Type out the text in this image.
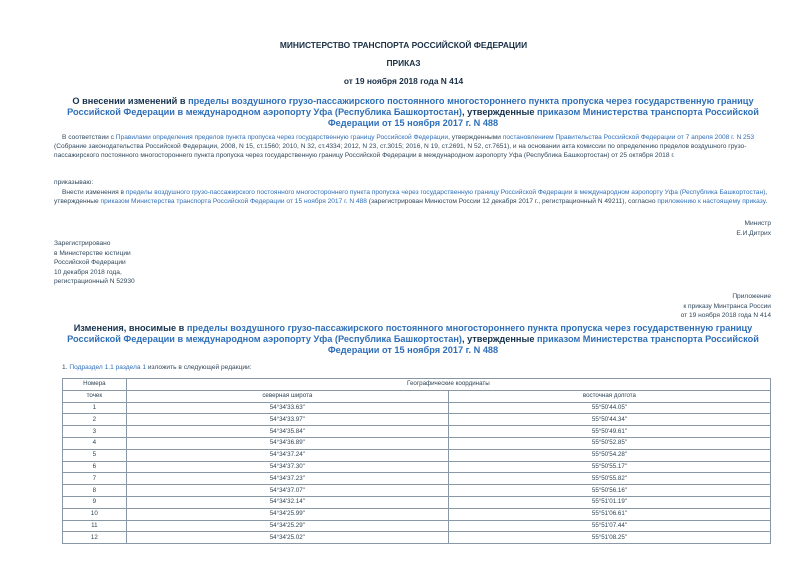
МИНИСТЕРСТВО ТРАНСПОРТА РОССИЙСКОЙ ФЕДЕРАЦИИ
ПРИКАЗ
от 19 ноября 2018 года N 414
О внесении изменений в пределы воздушного грузо-пассажирского постоянного многостороннего пункта пропуска через государственную границу Российской Федерации в международном аэропорту Уфа (Республика Башкортостан), утвержденные приказом Министерства транспорта Российской Федерации от 15 ноября 2017 г. N 488
В соответствии с Правилами определения пределов пункта пропуска через государственную границу Российской Федерации, утвержденными постановлением Правительства Российской Федерации от 7 апреля 2008 г. N 253 (Собрание законодательства Российской Федерации, 2008, N 15, ст.1560; 2010, N 32, ст.4334; 2012, N 23, ст.3015; 2016, N 19, ст.2691, N 52, ст.7651), и на основании акта комиссии по определению пределов воздушного грузо-пассажирского постоянного многостороннего пункта пропуска через государственную границу Российской Федерации в международном аэропорту Уфа (Республика Башкортостан) от 25 октября 2018 г.
приказываю:
Внести изменения в пределы воздушного грузо-пассажирского постоянного многостороннего пункта пропуска через государственную границу Российской Федерации в международном аэропорту Уфа (Республика Башкортостан), утвержденные приказом Министерства транспорта Российской Федерации от 15 ноября 2017 г. N 488 (зарегистрирован Минюстом России 12 декабря 2017 г., регистрационный N 49211), согласно приложению к настоящему приказу.
Министр
Е.И.Дитрих
Зарегистрировано
в Министерстве юстиции
Российской Федерации
10 декабря 2018 года,
регистрационный N 52930
Приложение
к приказу Минтранса России
от 19 ноября 2018 года N 414
Изменения, вносимые в пределы воздушного грузо-пассажирского постоянного многостороннего пункта пропуска через государственную границу Российской Федерации в международном аэропорту Уфа (Республика Башкортостан), утвержденные приказом Министерства транспорта Российской Федерации от 15 ноября 2017 г. N 488
1. Подраздел 1.1 раздела 1 изложить в следующей редакции:
Номера	Географические координаты	
точек	северная широта	восточная долгота
1	54°34'33.63"	55°50'44.05"
2	54°34'33.97"	55°50'44.34"
3	54°34'35.84"	55°50'49.61"
4	54°34'36.89"	55°50'52.85"
5	54°34'37.24"	55°50'54.28"
6	54°34'37.30"	55°50'55.17"
7	54°34'37.23"	55°50'55.82"
8	54°34'37.07"	55°50'56.16"
9	54°34'32.14"	55°51'01.19"
10	54°34'25.99"	55°51'06.61"
11	54°34'25.29"	55°51'07.44"
12	54°34'25.02"	55°51'08.25"
